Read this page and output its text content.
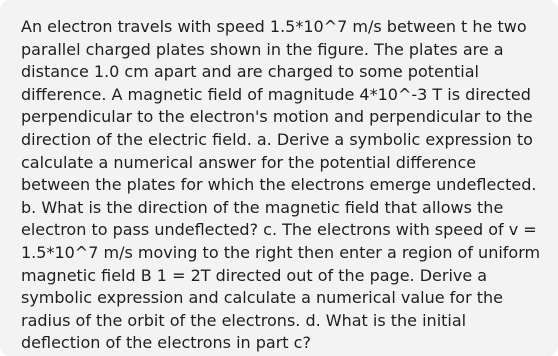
An electron travels with speed 1.5*10^7 m/s between t he two
parallel charged plates shown in the figure. The plates are a
distance 1.0 cm apart and are charged to some potential
difference. A magnetic field of magnitude 4*10^-3 T is directed
perpendicular to the electron's motion and perpendicular to the
direction of the electric field. a. Derive a symbolic expression to
calculate a numerical answer for the potential difference
between the plates for which the electrons emerge undeflected.
b. What is the direction of the magnetic field that allows the
electron to pass undeflected? c. The electrons with speed of v =
1.5*10^7 m/s moving to the right then enter a region of uniform
magnetic field B 1 = 2T directed out of the page. Derive a
symbolic expression and calculate a numerical value for the
radius of the orbit of the electrons. d. What is the initial
deflection of the electrons in part c?
